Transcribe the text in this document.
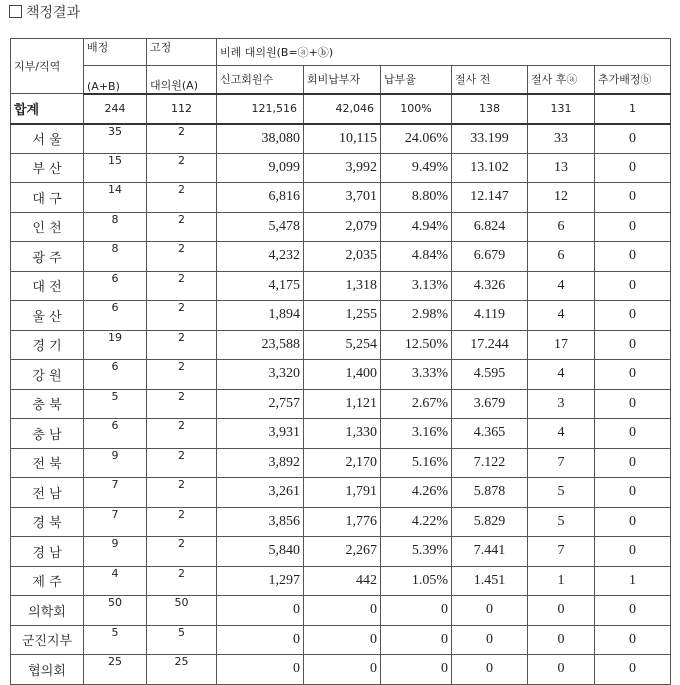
책정결과
지부/직역	배정	고정	비례 대의원(B=ⓐ+ⓑ)					
	(A+B)	대의원(A)	신고회원수	회비납부자	납부율	절사 전	절사 후ⓐ	추가배정ⓑ
합계	244	112	121,516	42,046	100%	138	131	1
서 울	35	2	38,080	10,115	24.06%	33.199	33	0
부 산	15	2	9,099	3,992	9.49%	13.102	13	0
대 구	14	2	6,816	3,701	8.80%	12.147	12	0
인 천	8	2	5,478	2,079	4.94%	6.824	6	0
광 주	8	2	4,232	2,035	4.84%	6.679	6	0
대 전	6	2	4,175	1,318	3.13%	4.326	4	0
울 산	6	2	1,894	1,255	2.98%	4.119	4	0
경 기	19	2	23,588	5,254	12.50%	17.244	17	0
강 원	6	2	3,320	1,400	3.33%	4.595	4	0
충 북	5	2	2,757	1,121	2.67%	3.679	3	0
충 남	6	2	3,931	1,330	3.16%	4.365	4	0
전 북	9	2	3,892	2,170	5.16%	7.122	7	0
전 남	7	2	3,261	1,791	4.26%	5.878	5	0
경 북	7	2	3,856	1,776	4.22%	5.829	5	0
경 남	9	2	5,840	2,267	5.39%	7.441	7	0
제 주	4	2	1,297	442	1.05%	1.451	1	1
의학회	50	50	0	0	0	0	0	0
군진지부	5	5	0	0	0	0	0	0
협의회	25	25	0	0	0	0	0	0
